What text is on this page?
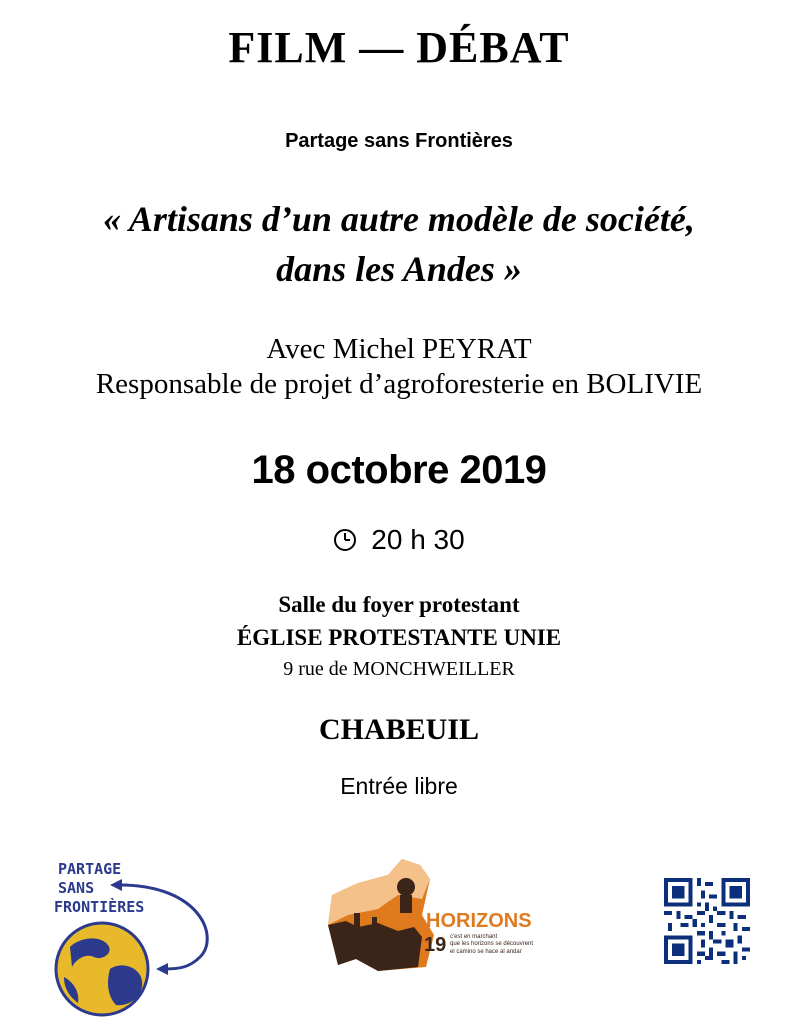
FILM — DÉBAT
Partage sans Frontières
« Artisans d’un autre modèle de société,
dans les Andes »
Avec Michel PEYRAT
Responsable de projet d’agroforesterie en BOLIVIE
18 octobre 2019
20 h 30
Salle du foyer protestant
ÉGLISE PROTESTANTE UNIE
9 rue de MONCHWEILLER
CHABEUIL
Entrée libre
PARTAGE
SANS
FRONTIÈRES
HORIZONS
19 c'est en marchant
que les horizons se découvrent
el camino se hace al andar
